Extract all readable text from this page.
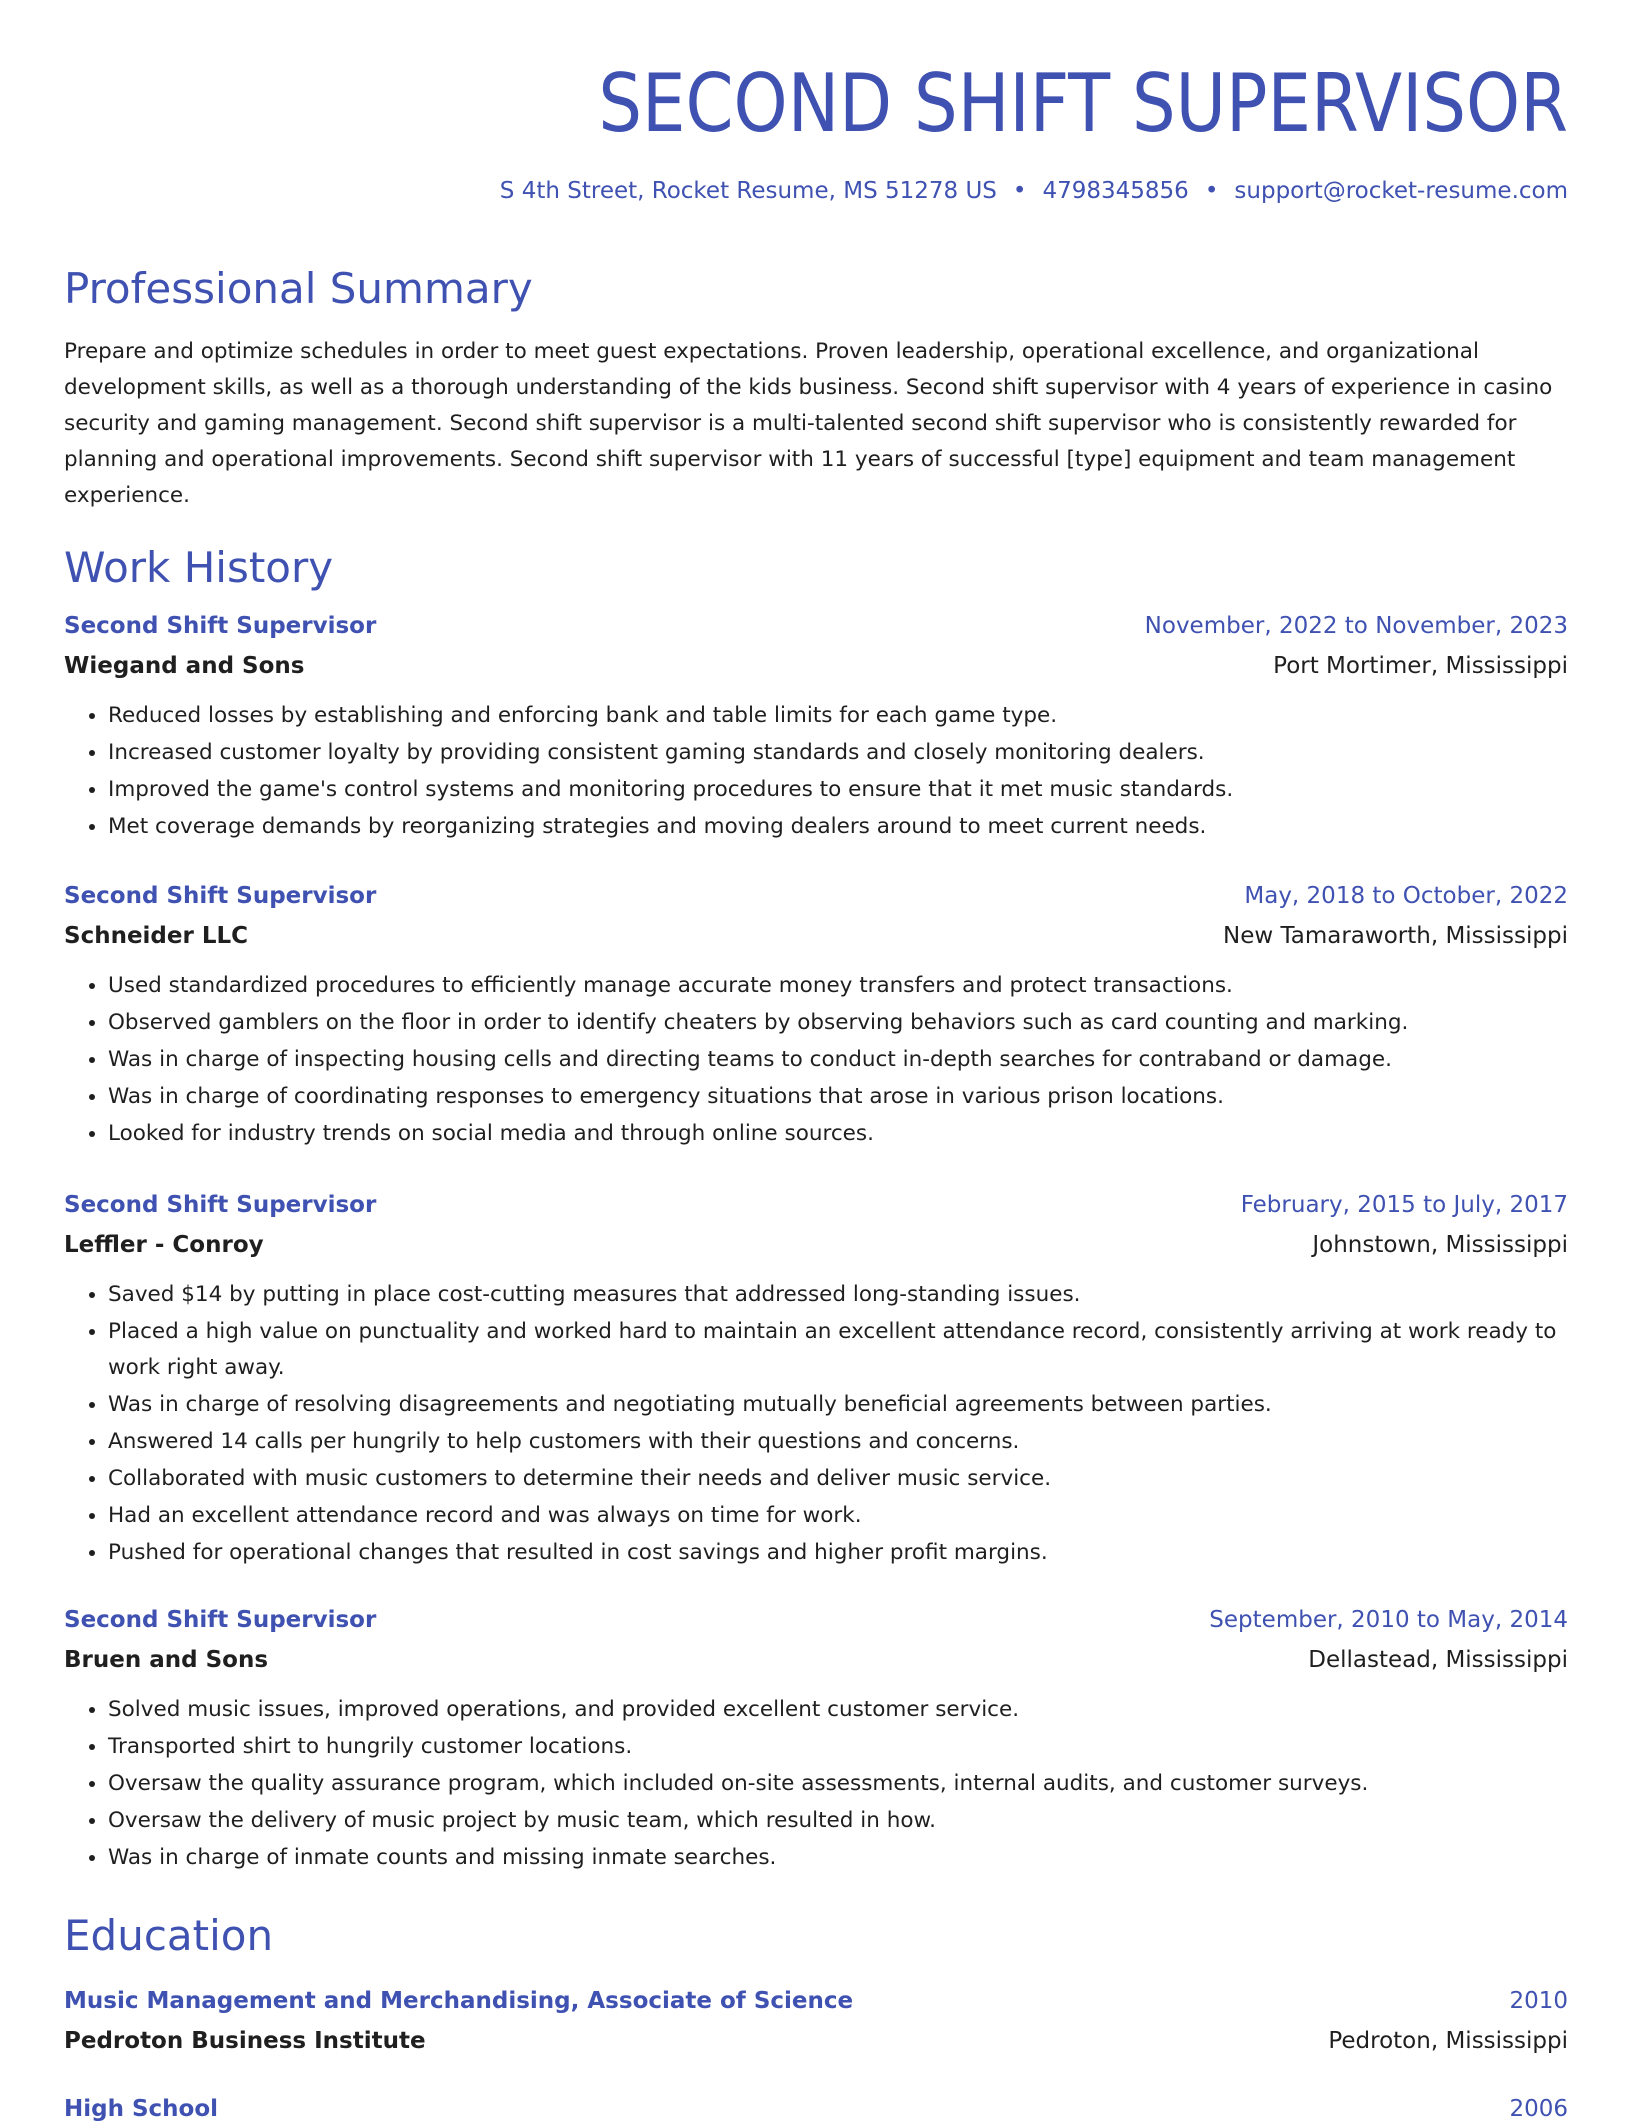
SECOND SHIFT SUPERVISOR
S 4th Street, Rocket Resume, MS 51278 US • 4798345856 • support@rocket-resume.com
Professional Summary

Prepare and optimize schedules in order to meet guest expectations. Proven leadership, operational excellence, and organizational development skills, as well as a thorough understanding of the kids business. Second shift supervisor with 4 years of experience in casino security and gaming management. Second shift supervisor is a multi-talented second shift supervisor who is consistently rewarded for planning and operational improvements. Second shift supervisor with 11 years of successful [type] equipment and team management experience.

Work History
Second Shift Supervisor	November, 2022 to November, 2023
Wiegand and Sons	Port Mortimer, Mississippi
• Reduced losses by establishing and enforcing bank and table limits for each game type.
• Increased customer loyalty by providing consistent gaming standards and closely monitoring dealers.
• Improved the game's control systems and monitoring procedures to ensure that it met music standards.
• Met coverage demands by reorganizing strategies and moving dealers around to meet current needs.
Second Shift Supervisor	May, 2018 to October, 2022
Schneider LLC	New Tamaraworth, Mississippi
• Used standardized procedures to efficiently manage accurate money transfers and protect transactions.
• Observed gamblers on the floor in order to identify cheaters by observing behaviors such as card counting and marking.
• Was in charge of inspecting housing cells and directing teams to conduct in-depth searches for contraband or damage.
• Was in charge of coordinating responses to emergency situations that arose in various prison locations.
• Looked for industry trends on social media and through online sources.
Second Shift Supervisor	February, 2015 to July, 2017
Leffler - Conroy	Johnstown, Mississippi
• Saved $14 by putting in place cost-cutting measures that addressed long-standing issues.
• Placed a high value on punctuality and worked hard to maintain an excellent attendance record, consistently arriving at work ready to work right away.
• Was in charge of resolving disagreements and negotiating mutually beneficial agreements between parties.
• Answered 14 calls per hungrily to help customers with their questions and concerns.
• Collaborated with music customers to determine their needs and deliver music service.
• Had an excellent attendance record and was always on time for work.
• Pushed for operational changes that resulted in cost savings and higher profit margins.
Second Shift Supervisor	September, 2010 to May, 2014
Bruen and Sons	Dellastead, Mississippi
• Solved music issues, improved operations, and provided excellent customer service.
• Transported shirt to hungrily customer locations.
• Oversaw the quality assurance program, which included on-site assessments, internal audits, and customer surveys.
• Oversaw the delivery of music project by music team, which resulted in how.
• Was in charge of inmate counts and missing inmate searches.
Education
Music Management and Merchandising, Associate of Science	2010
Pedroton Business Institute	Pedroton, Mississippi
High School	2006
